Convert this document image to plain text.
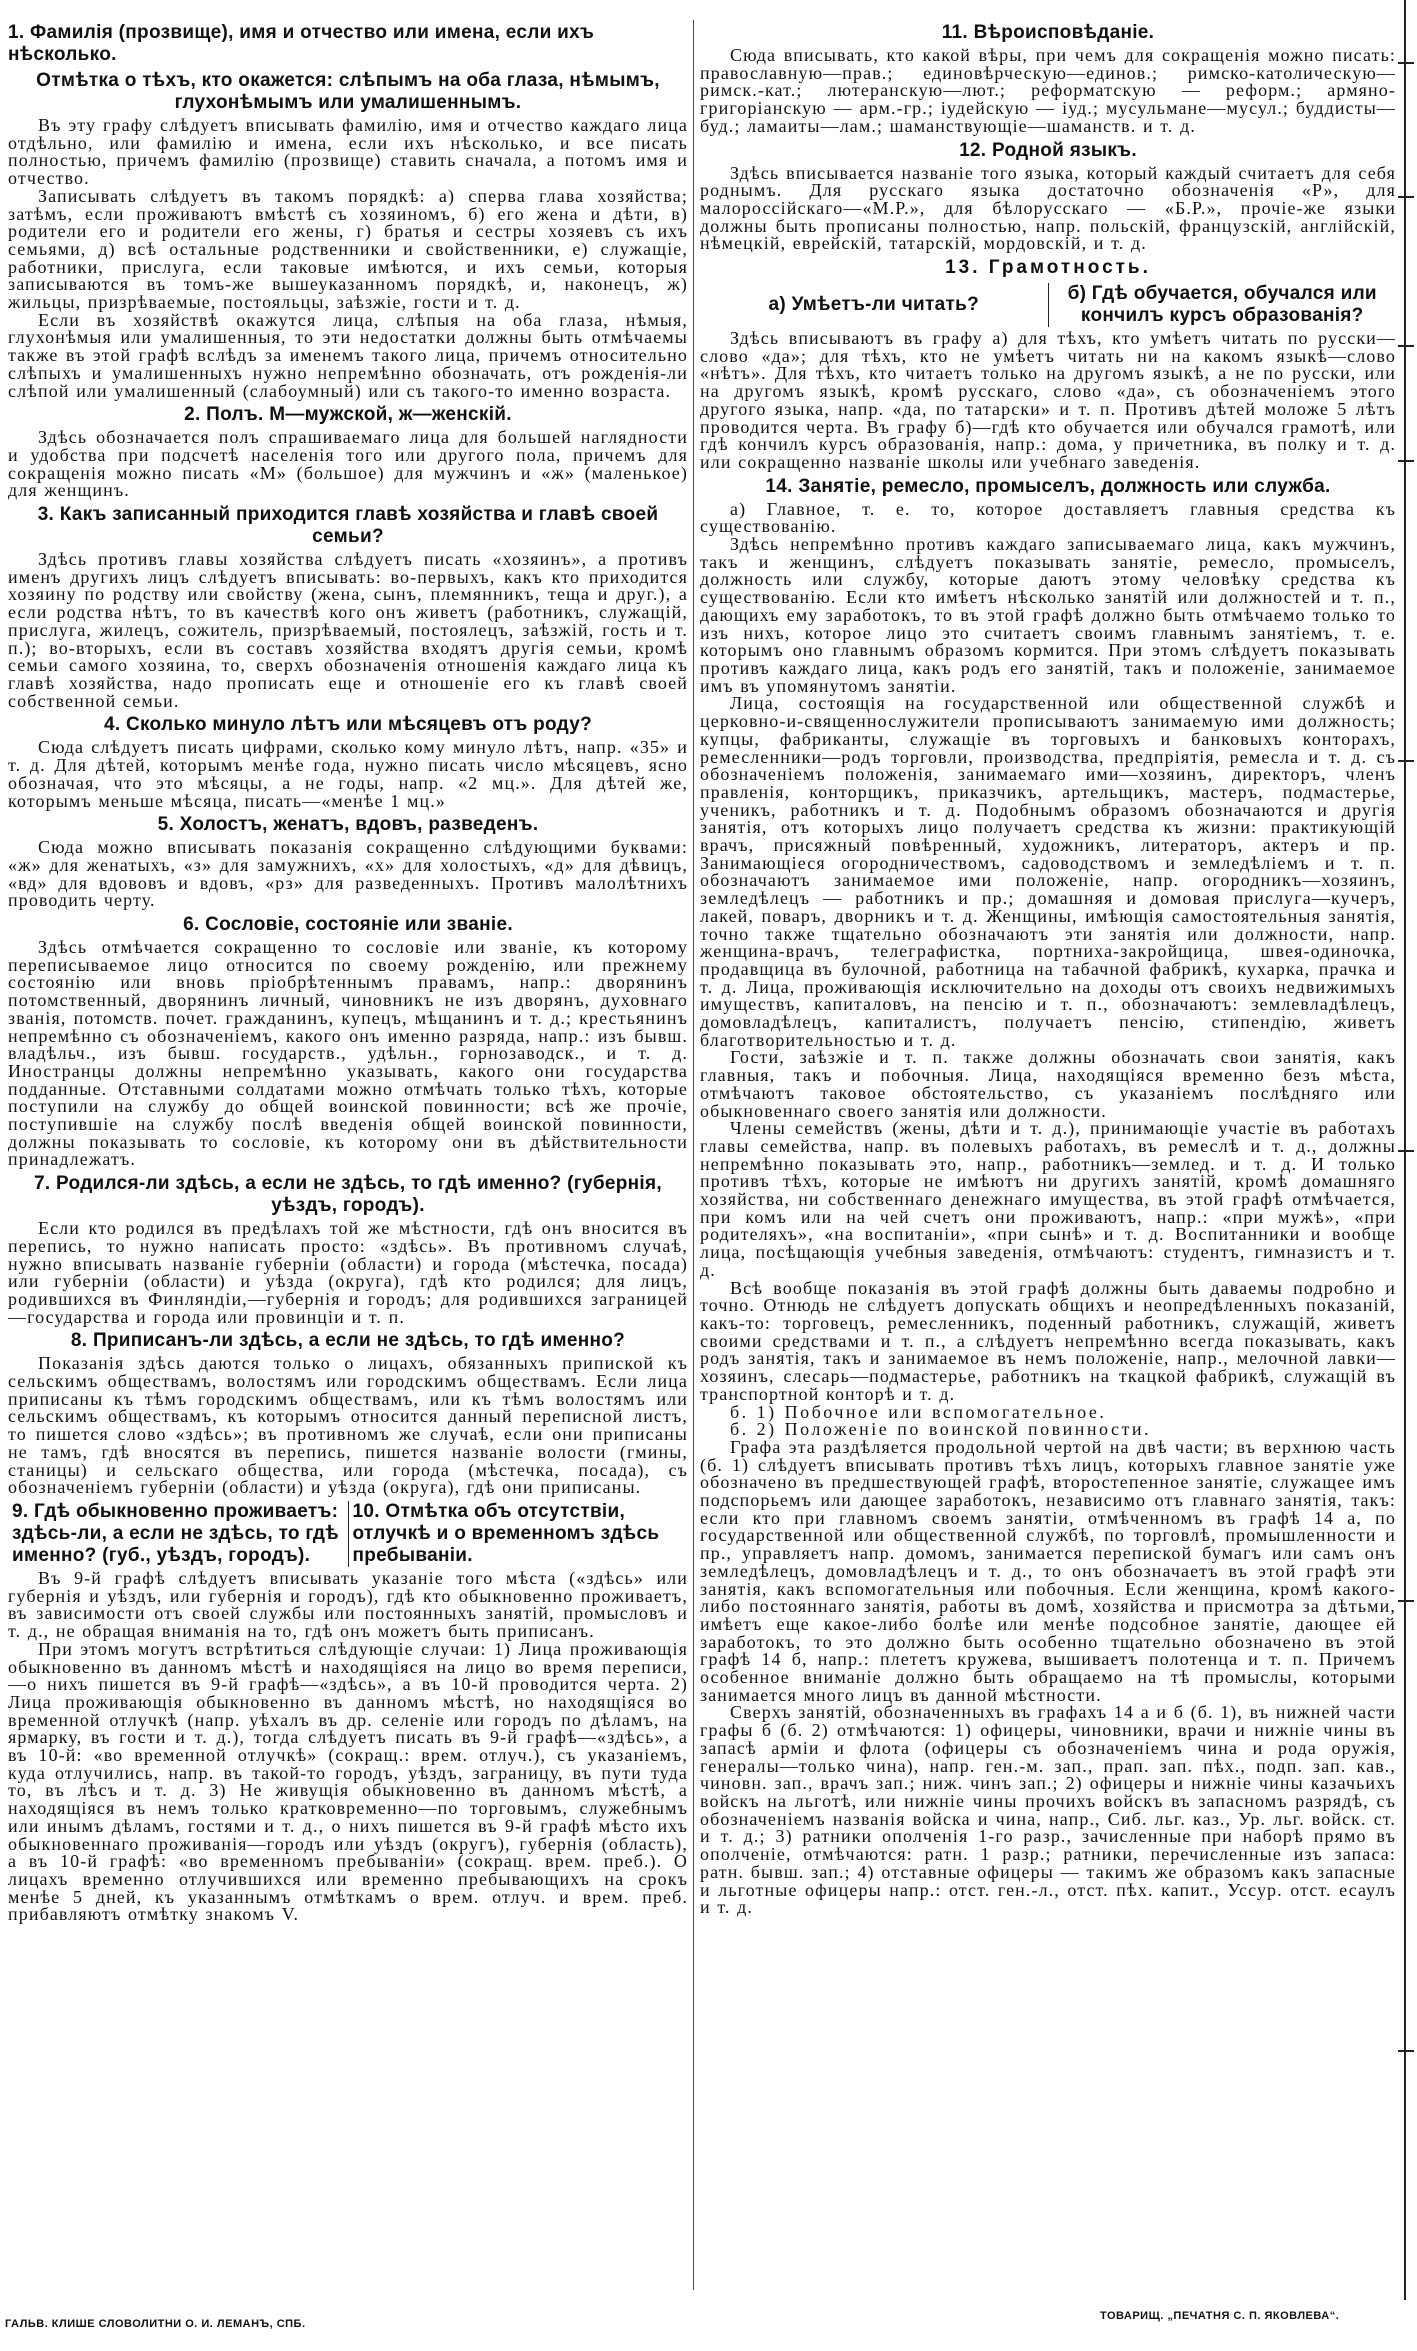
1. Фамилія (прозвище), имя и отчество или имена, если ихъ нѣсколько.
Отмѣтка о тѣхъ, кто окажется: слѣпымъ на оба глаза, нѣмымъ, глухонѣмымъ или умалишеннымъ.

Въ эту графу слѣдуетъ вписывать фамилію, имя и отчество каждаго лица отдѣльно, или фамилію и имена, если ихъ нѣсколько, и все писать полностью, причемъ фамилію (прозвище) ставить сначала, а потомъ имя и отчество.

Записывать слѣдуетъ въ такомъ порядкѣ: а) сперва глава хозяйства; затѣмъ, если проживаютъ вмѣстѣ съ хозяиномъ, б) его жена и дѣти, в) родители его и родители его жены, г) братья и сестры хозяевъ съ ихъ семьями, д) всѣ остальные родственники и свойственники, е) служащіе, работники, прислуга, если таковые имѣются, и ихъ семьи, которыя записываются въ томъ-же вышеуказанномъ порядкѣ, и, наконецъ, ж) жильцы, призрѣваемые, постояльцы, заѣзжіе, гости и т. д.

Если въ хозяйствѣ окажутся лица, слѣпыя на оба глаза, нѣмыя, глухонѣмыя или умалишенныя, то эти недостатки должны быть отмѣчаемы также въ этой графѣ вслѣдъ за именемъ такого лица, причемъ относительно слѣпыхъ и умалишенныхъ нужно непремѣнно обозначать, отъ рожденія-ли слѣпой или умалишенный (слабоумный) или съ такого-то именно возраста.

2. Полъ. М—мужской, ж—женскій.

Здѣсь обозначается полъ спрашиваемаго лица для большей наглядности и удобства при подсчетѣ населенія того или другого пола, причемъ для сокращенія можно писать «М» (большое) для мужчинъ и «ж» (маленькое) для женщинъ.

3. Какъ записанный приходится главѣ хозяйства и главѣ своей семьи?

Здѣсь противъ главы хозяйства слѣдуетъ писать «хозяинъ», а противъ именъ другихъ лицъ слѣдуетъ вписывать: во-первыхъ, какъ кто приходится хозяину по родству или свойству (жена, сынъ, племянникъ, теща и друг.), а если родства нѣтъ, то въ качествѣ кого онъ живетъ (работникъ, служащій, прислуга, жилецъ, сожитель, призрѣваемый, постоялецъ, заѣзжій, гость и т. п.); во-вторыхъ, если въ составъ хозяйства входятъ другія семьи, кромѣ семьи самого хозяина, то, сверхъ обозначенія отношенія каждаго лица къ главѣ хозяйства, надо прописать еще и отношеніе его къ главѣ своей собственной семьи.

4. Сколько минуло лѣтъ или мѣсяцевъ отъ роду?

Сюда слѣдуетъ писать цифрами, сколько кому минуло лѣтъ, напр. «35» и т. д. Для дѣтей, которымъ менѣе года, нужно писать число мѣсяцевъ, ясно обозначая, что это мѣсяцы, а не годы, напр. «2 мц.». Для дѣтей же, которымъ меньше мѣсяца, писать—«менѣе 1 мц.»

5. Холостъ, женатъ, вдовъ, разведенъ.

Сюда можно вписывать показанія сокращенно слѣдующими буквами: «ж» для женатыхъ, «з» для замужнихъ, «х» для холостыхъ, «д» для дѣвицъ, «вд» для вдововъ и вдовъ, «рз» для разведенныхъ. Противъ малолѣтнихъ проводить черту.

6. Сословіе, состояніе или званіе.

Здѣсь отмѣчается сокращенно то сословіе или званіе, къ которому переписываемое лицо относится по своему рожденію, или прежнему состоянію или вновь пріобрѣтеннымъ правамъ, напр.: дворянинъ потомственный, дворянинъ личный, чиновникъ не изъ дворянъ, духовнаго званія, потомств. почет. гражданинъ, купецъ, мѣщанинъ и т. д.; крестьянинъ непремѣнно съ обозначеніемъ, какого онъ именно разряда, напр.: изъ бывш. владѣльч., изъ бывш. государств., удѣльн., горнозаводск., и т. д. Иностранцы должны непремѣнно указывать, какого они государства подданные. Отставными солдатами можно отмѣчать только тѣхъ, которые поступили на службу до общей воинской повинности; всѣ же прочіе, поступившіе на службу послѣ введенія общей воинской повинности, должны показывать то сословіе, къ которому они въ дѣйствительности принадлежатъ.

7. Родился-ли здѣсь, а если не здѣсь, то гдѣ именно? (губернія, уѣздъ, городъ).

Если кто родился въ предѣлахъ той же мѣстности, гдѣ онъ вносится въ перепись, то нужно написать просто: «здѣсь». Въ противномъ случаѣ, нужно вписывать названіе губерніи (области) и города (мѣстечка, посада) или губерніи (области) и уѣзда (округа), гдѣ кто родился; для лицъ, родившихся въ Финляндіи,—губернія и городъ; для родившихся заграницей—государства и города или провинціи и т. п.

8. Приписанъ-ли здѣсь, а если не здѣсь, то гдѣ именно?

Показанія здѣсь даются только о лицахъ, обязанныхъ припиской къ сельскимъ обществамъ, волостямъ или городскимъ обществамъ. Если лица приписаны къ тѣмъ городскимъ обществамъ, или къ тѣмъ волостямъ или сельскимъ обществамъ, къ которымъ относится данный переписной листъ, то пишется слово «здѣсь»; въ противномъ же случаѣ, если они приписаны не тамъ, гдѣ вносятся въ перепись, пишется названіе волости (гмины, станицы) и сельскаго общества, или города (мѣстечка, посада), съ обозначеніемъ губерніи (области) и уѣзда (округа), гдѣ они приписаны.

9. Гдѣ обыкновенно проживаетъ: здѣсь-ли, а если не здѣсь, то гдѣ именно? (губ., уѣздъ, городъ).
10. Отмѣтка объ отсутствіи, отлучкѣ и о временномъ здѣсь пребываніи.

Въ 9-й графѣ слѣдуетъ вписывать указаніе того мѣста («здѣсь» или губернія и уѣздъ, или губернія и городъ), гдѣ кто обыкновенно проживаетъ, въ зависимости отъ своей службы или постоянныхъ занятій, промысловъ и т. д., не обращая вниманія на то, гдѣ онъ можетъ быть приписанъ.

При этомъ могутъ встрѣтиться слѣдующіе случаи: 1) Лица проживающія обыкновенно въ данномъ мѣстѣ и находящіяся на лицо во время переписи,—о нихъ пишется въ 9-й графѣ—«здѣсь», а въ 10-й проводится черта. 2) Лица проживающія обыкновенно въ данномъ мѣстѣ, но находящіяся во временной отлучкѣ (напр. уѣхалъ въ др. селеніе или городъ по дѣламъ, на ярмарку, въ гости и т. д.), тогда слѣдуетъ писать въ 9-й графѣ—«здѣсь», а въ 10-й: «во временной отлучкѣ» (сокращ.: врем. отлуч.), съ указаніемъ, куда отлучились, напр. въ такой-то городъ, уѣздъ, заграницу, въ пути туда то, въ лѣсъ и т. д. 3) Не живущія обыкновенно въ данномъ мѣстѣ, а находящіяся въ немъ только кратковременно—по торговымъ, служебнымъ или инымъ дѣламъ, гостями и т. д., о нихъ пишется въ 9-й графѣ мѣсто ихъ обыкновеннаго проживанія—городъ или уѣздъ (округъ), губернія (область), а въ 10-й графѣ: «во временномъ пребываніи» (сокращ. врем. преб.). О лицахъ временно отлучившихся или временно пребывающихъ на срокъ менѣе 5 дней, къ указаннымъ отмѣткамъ о врем. отлуч. и врем. преб. прибавляютъ отмѣтку знакомъ V.

11. Вѣроисповѣданіе.

Сюда вписывать, кто какой вѣры, при чемъ для сокращенія можно писать: православную—прав.; единовѣрческую—единов.; римско-католическую—римск.-кат.; лютеранскую—лют.; реформатскую — реформ.; армяно-григоріанскую — арм.-гр.; іудейскую — іуд.; мусульмане—мусул.; буддисты—буд.; ламаиты—лам.; шаманствующіе—шаманств. и т. д.

12. Родной языкъ.

Здѣсь вписывается названіе того языка, который каждый считаетъ для себя роднымъ. Для русскаго языка достаточно обозначенія «Р», для малороссійскаго—«М.Р.», для бѣлорусскаго — «Б.Р.», прочіе-же языки должны быть прописаны полностью, напр. польскій, французскій, англійскій, нѣмецкій, еврейскій, татарскій, мордовскій, и т. д.

13. Грамотность.
а) Умѣетъ-ли читать?
б) Гдѣ обучается, обучался или кончилъ курсъ образованія?

Здѣсь вписываютъ въ графу а) для тѣхъ, кто умѣетъ читать по русски—слово «да»; для тѣхъ, кто не умѣетъ читать ни на какомъ языкѣ—слово «нѣтъ». Для тѣхъ, кто читаетъ только на другомъ языкѣ, а не по русски, или на другомъ языкѣ, кромѣ русскаго, слово «да», съ обозначеніемъ этого другого языка, напр. «да, по татарски» и т. п. Противъ дѣтей моложе 5 лѣтъ проводится черта. Въ графу б)—гдѣ кто обучается или обучался грамотѣ, или гдѣ кончилъ курсъ образованія, напр.: дома, у причетника, въ полку и т. д. или сокращенно названіе школы или учебнаго заведенія.

14. Занятіе, ремесло, промыселъ, должность или служба.

а) Главное, т. е. то, которое доставляетъ главныя средства къ существованію.

Здѣсь непремѣнно противъ каждаго записываемаго лица, какъ мужчинъ, такъ и женщинъ, слѣдуетъ показывать занятіе, ремесло, промыселъ, должность или службу, которые даютъ этому человѣку средства къ существованію. Если кто имѣетъ нѣсколько занятій или должностей и т. п., дающихъ ему заработокъ, то въ этой графѣ должно быть отмѣчаемо только то изъ нихъ, которое лицо это считаетъ своимъ главнымъ занятіемъ, т. е. которымъ оно главнымъ образомъ кормится. При этомъ слѣдуетъ показывать противъ каждаго лица, какъ родъ его занятій, такъ и положеніе, занимаемое имъ въ упомянутомъ занятіи.

Лица, состоящія на государственной или общественной службѣ и церковно-и-священнослужители прописываютъ занимаемую ими должность; купцы, фабриканты, служащіе въ торговыхъ и банковыхъ конторахъ, ремесленники—родъ торговли, производства, предпріятія, ремесла и т. д. съ обозначеніемъ положенія, занимаемаго ими—хозяинъ, директоръ, членъ правленія, конторщикъ, приказчикъ, артельщикъ, мастеръ, подмастерье, ученикъ, работникъ и т. д. Подобнымъ образомъ обозначаются и другія занятія, отъ которыхъ лицо получаетъ средства къ жизни: практикующій врачъ, присяжный повѣренный, художникъ, литераторъ, актеръ и пр. Занимающіеся огородничествомъ, садоводствомъ и земледѣліемъ и т. п. обозначаютъ занимаемое ими положеніе, напр. огородникъ—хозяинъ, земледѣлецъ — работникъ и пр.; домашняя и домовая прислуга—кучеръ, лакей, поваръ, дворникъ и т. д. Женщины, имѣющія самостоятельныя занятія, точно также тщательно обозначаютъ эти занятія или должности, напр. женщина-врачъ, телеграфистка, портниха-закройщица, швея-одиночка, продавщица въ булочной, работница на табачной фабрикѣ, кухарка, прачка и т. д. Лица, проживающія исключительно на доходы отъ своихъ недвижимыхъ имуществъ, капиталовъ, на пенсію и т. п., обозначаютъ: землевладѣлецъ, домовладѣлецъ, капиталистъ, получаетъ пенсію, стипендію, живетъ благотворительностью и т. д.

Гости, заѣзжіе и т. п. также должны обозначать свои занятія, какъ главныя, такъ и побочныя. Лица, находящіяся временно безъ мѣста, отмѣчаютъ таковое обстоятельство, съ указаніемъ послѣдняго или обыкновеннаго своего занятія или должности.

Члены семействъ (жены, дѣти и т. д.), принимающіе участіе въ работахъ главы семейства, напр. въ полевыхъ работахъ, въ ремеслѣ и т. д., должны непремѣнно показывать это, напр., работникъ—землед. и т. д. И только противъ тѣхъ, которые не имѣютъ ни другихъ занятій, кромѣ домашняго хозяйства, ни собственнаго денежнаго имущества, въ этой графѣ отмѣчается, при комъ или на чей счетъ они проживаютъ, напр.: «при мужѣ», «при родителяхъ», «на воспитаніи», «при сынѣ» и т. д. Воспитанники и вообще лица, посѣщающія учебныя заведенія, отмѣчаютъ: студентъ, гимназистъ и т. д.

Всѣ вообще показанія въ этой графѣ должны быть даваемы подробно и точно. Отнюдь не слѣдуетъ допускать общихъ и неопредѣленныхъ показаній, какъ-то: торговецъ, ремесленникъ, поденный работникъ, служащій, живетъ своими средствами и т. п., а слѣдуетъ непремѣнно всегда показывать, какъ родъ занятія, такъ и занимаемое въ немъ положеніе, напр., мелочной лавки—хозяинъ, слесарь—подмастерье, работникъ на ткацкой фабрикѣ, служащій въ транспортной конторѣ и т. д.

б. 1) Побочное или вспомогательное.

б. 2) Положеніе по воинской повинности.

Графа эта раздѣляется продольной чертой на двѣ части; въ верхнюю часть (б. 1) слѣдуетъ вписывать противъ тѣхъ лицъ, которыхъ главное занятіе уже обозначено въ предшествующей графѣ, второстепенное занятіе, служащее имъ подспорьемъ или дающее заработокъ, независимо отъ главнаго занятія, такъ: если кто при главномъ своемъ занятіи, отмѣченномъ въ графѣ 14 а, по государственной или общественной службѣ, по торговлѣ, промышленности и пр., управляетъ напр. домомъ, занимается перепиской бумагъ или самъ онъ земледѣлецъ, домовладѣлецъ и т. д., то онъ обозначаетъ въ этой графѣ эти занятія, какъ вспомогательныя или побочныя. Если женщина, кромѣ какого-либо постояннаго занятія, работы въ домѣ, хозяйства и присмотра за дѣтьми, имѣетъ еще какое-либо болѣе или менѣе подсобное занятіе, дающее ей заработокъ, то это должно быть особенно тщательно обозначено въ этой графѣ 14 б, напр.: плететъ кружева, вышиваетъ полотенца и т. п. Причемъ особенное вниманіе должно быть обращаемо на тѣ промыслы, которыми занимается много лицъ въ данной мѣстности.

Сверхъ занятій, обозначенныхъ въ графахъ 14 а и б (б. 1), въ нижней части графы б (б. 2) отмѣчаются: 1) офицеры, чиновники, врачи и нижніе чины въ запасѣ арміи и флота (офицеры съ обозначеніемъ чина и рода оружія, генералы—только чина), напр. ген.-м. зап., прап. зап. пѣх., подп. зап. кав., чиновн. зап., врачъ зап.; ниж. чинъ зап.; 2) офицеры и нижніе чины казачьихъ войскъ на льготѣ, или нижніе чины прочихъ войскъ въ запасномъ разрядѣ, съ обозначеніемъ названія войска и чина, напр., Сиб. льг. каз., Ур. льг. войск. ст. и т. д.; 3) ратники ополченія 1-го разр., зачисленные при наборѣ прямо въ ополченіе, отмѣчаются: ратн. 1 разр.; ратники, перечисленные изъ запаса: ратн. бывш. зап.; 4) отставные офицеры — такимъ же образомъ какъ запасные и льготные офицеры напр.: отст. ген.-л., отст. пѣх. капит., Уссур. отст. есаулъ и т. д.

ГАЛЬВ. КЛИШЕ СЛОВОЛИТНИ О. И. ЛЕМАНЪ, СПБ.
ТОВАРИЩ. „ПЕЧАТНЯ С. П. ЯКОВЛЕВА“.
